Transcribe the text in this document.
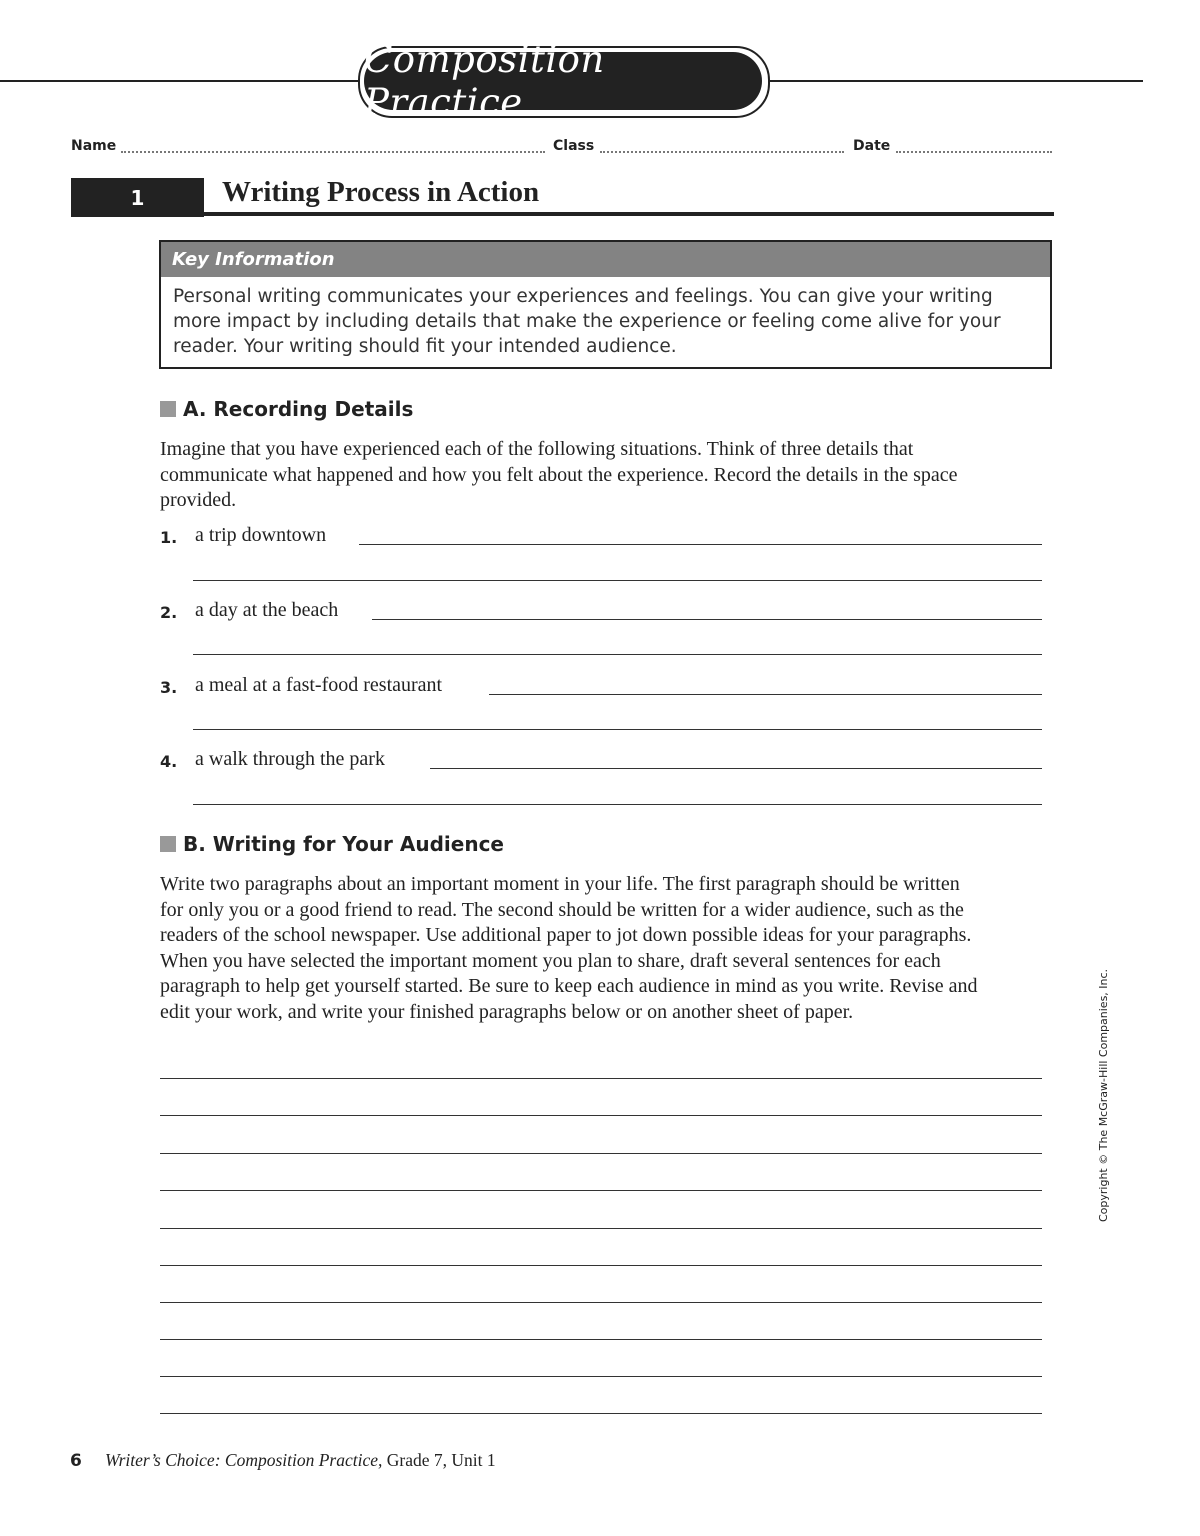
Composition Practice
Name	Class	Date
1	Writing Process in Action
Key Information
Personal writing communicates your experiences and feelings. You can give your writing more impact by including details that make the experience or feeling come alive for your reader. Your writing should fit your intended audience.
A. Recording Details
Imagine that you have experienced each of the following situations. Think of three details that communicate what happened and how you felt about the experience. Record the details in the space provided.
1. a trip downtown
2. a day at the beach
3. a meal at a fast-food restaurant
4. a walk through the park
B. Writing for Your Audience
Write two paragraphs about an important moment in your life. The first paragraph should be written for only you or a good friend to read. The second should be written for a wider audience, such as the readers of the school newspaper. Use additional paper to jot down possible ideas for your paragraphs. When you have selected the important moment you plan to share, draft several sentences for each paragraph to help get yourself started. Be sure to keep each audience in mind as you write. Revise and edit your work, and write your finished paragraphs below or on another sheet of paper.	Copyright © The McGraw-Hill Companies, Inc.
6 Writer’s Choice: Composition Practice, Grade 7, Unit 1
